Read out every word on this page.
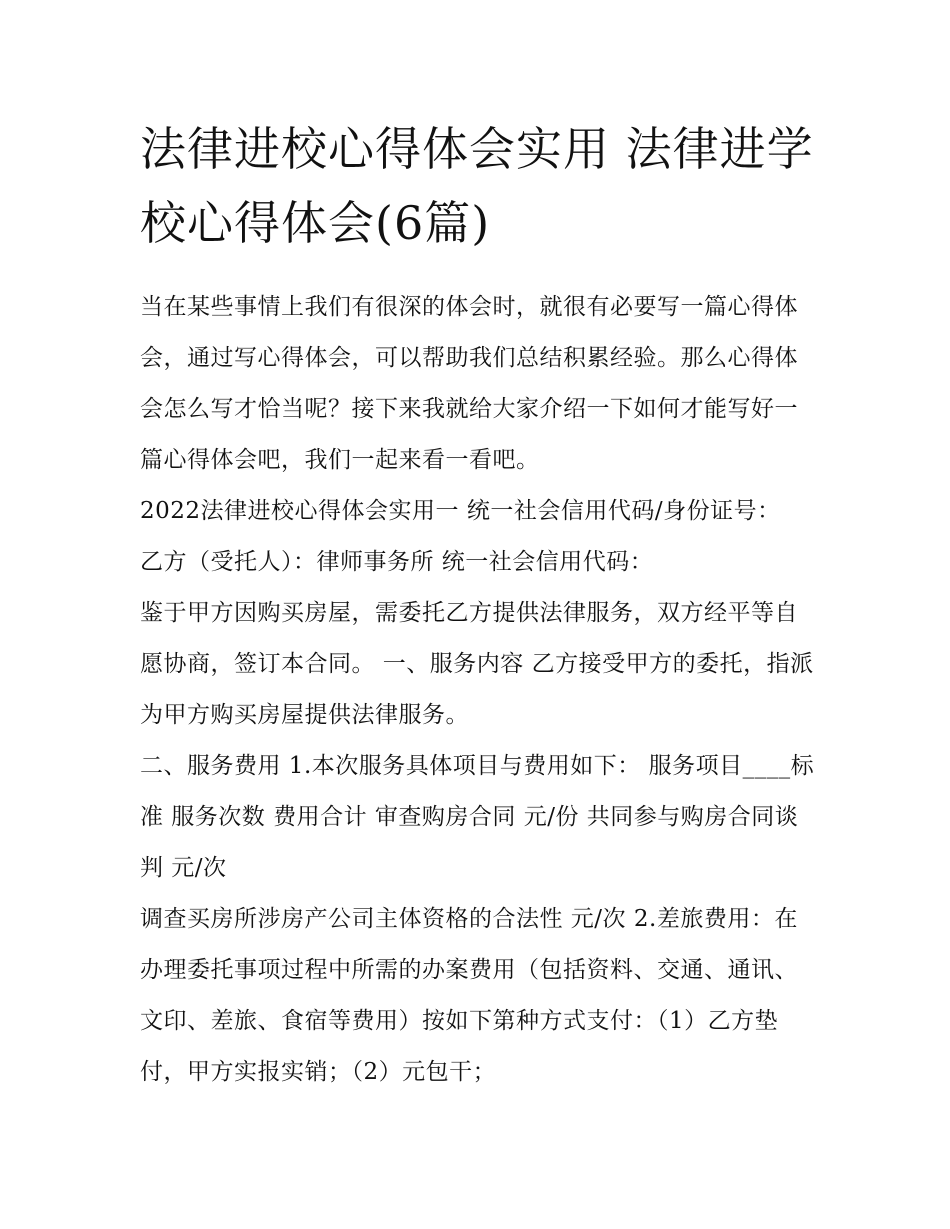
法律进校心得体会实用 法律进学校心得体会(6篇)

当在某些事情上我们有很深的体会时，就很有必要写一篇心得体会，通过写心得体会，可以帮助我们总结积累经验。那么心得体会怎么写才恰当呢？接下来我就给大家介绍一下如何才能写好一篇心得体会吧，我们一起来看一看吧。

2022法律进校心得体会实用一 统一社会信用代码/身份证号：

乙方（受托人）：律师事务所 统一社会信用代码：

鉴于甲方因购买房屋，需委托乙方提供法律服务，双方经平等自愿协商，签订本合同。 一、服务内容 乙方接受甲方的委托，指派为甲方购买房屋提供法律服务。

二、服务费用 1.本次服务具体项目与费用如下： 服务项目____标准 服务次数 费用合计 审查购房合同 元/份 共同参与购房合同谈判 元/次

调查买房所涉房产公司主体资格的合法性 元/次 2.差旅费用：在办理委托事项过程中所需的办案费用（包括资料、交通、通讯、文印、差旅、食宿等费用）按如下第种方式支付：（1）乙方垫付，甲方实报实销；（2）元包干；
